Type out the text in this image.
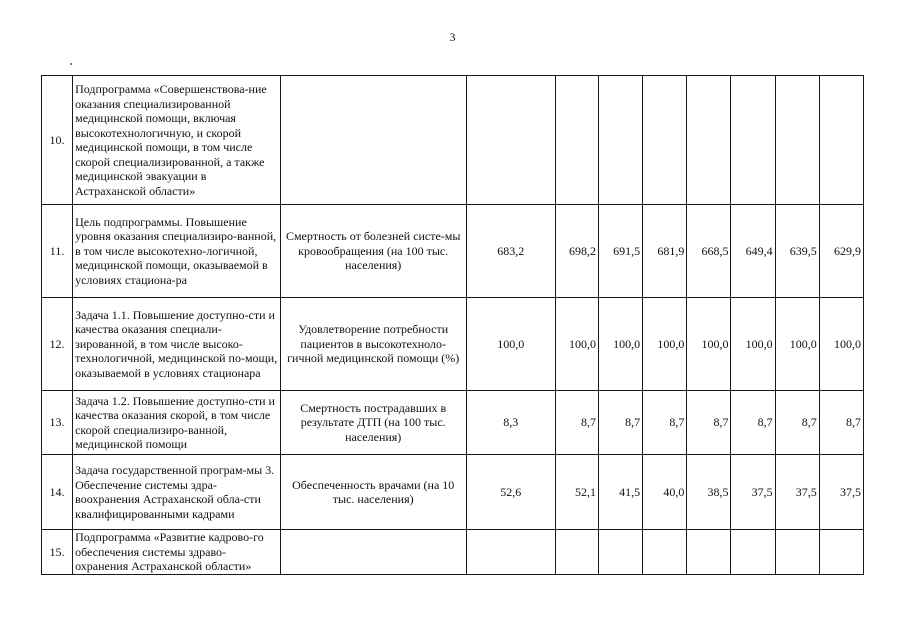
3
10.	Подпрограмма «Совершенствова-ние оказания специализированной медицинской помощи, включая высокотехнологичную, и скорой медицинской помощи, в том числе скорой специализированной, а также медицинской эвакуации в Астраханской области»									
11.	Цель подпрограммы. Повышение уровня оказания специализиро-ванной, в том числе высокотехно-логичной, медицинской помощи, оказываемой в условиях стациона-ра	Смертность от болезней систе-мы кровообращения (на 100 тыс. населения)	683,2	698,2	691,5	681,9	668,5	649,4	639,5	629,9
12.	Задача 1.1. Повышение доступно-сти и качества оказания специали-зированной, в том числе высоко-технологичной, медицинской по-мощи, оказываемой в условиях стационара	Удовлетворение потребности пациентов в высокотехноло-гичной медицинской помощи (%)	100,0	100,0	100,0	100,0	100,0	100,0	100,0	100,0
13.	Задача 1.2. Повышение доступно-сти и качества оказания скорой, в том числе скорой специализиро-ванной, медицинской помощи	Смертность пострадавших в результате ДТП (на 100 тыс. населения)	8,3	8,7	8,7	8,7	8,7	8,7	8,7	8,7
14.	Задача государственной програм-мы 3. Обеспечение системы здра-воохранения Астраханской обла-сти квалифицированными кадрами	Обеспеченность врачами (на 10 тыс. населения)	52,6	52,1	41,5	40,0	38,5	37,5	37,5	37,5
15.	Подпрограмма «Развитие кадрово-го обеспечения системы здраво-охранения Астраханской области»									
